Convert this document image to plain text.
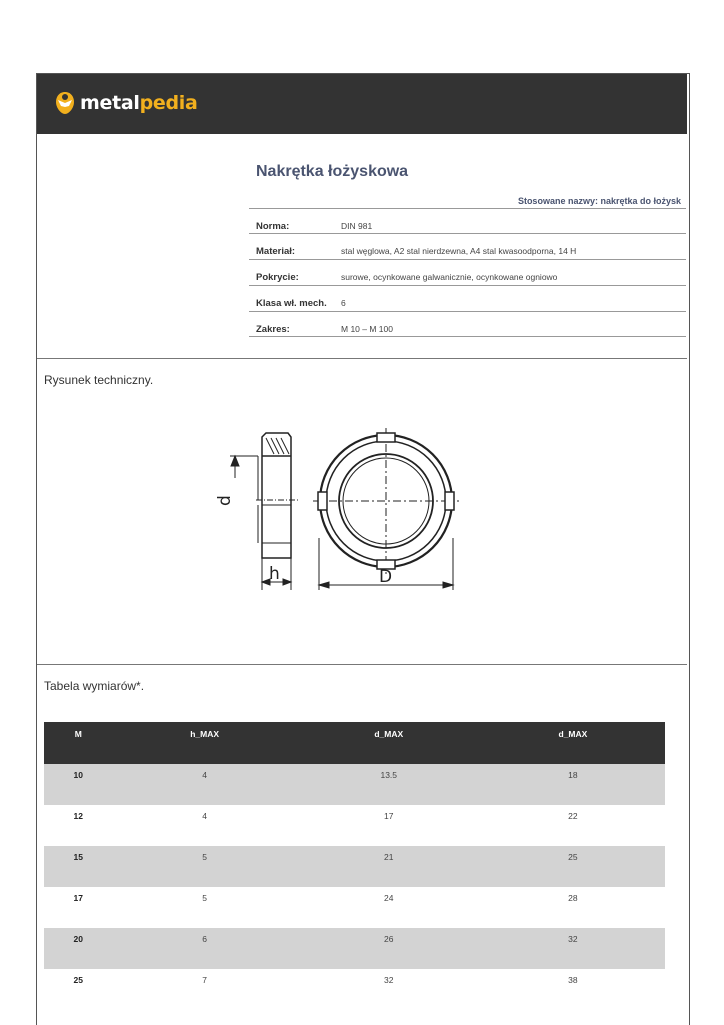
metalpedia
Nakrętka łożyskowa
Stosowane nazwy: nakrętka do łożysk
Norma:	DIN 981
Materiał:	stal węglowa, A2 stal nierdzewna, A4 stal kwasoodporna, 14 H
Pokrycie:	surowe, ocynkowane galwanicznie, ocynkowane ogniowo
Klasa wł. mech. 6
Zakres:	M 10 – M 100
Rysunek techniczny.
d
h	D
Tabela wymiarów*.
M	h_MAX	d_MAX	d_MAX
10	4	13.5	18
12	4	17	22
15	5	21	25
17	5	24	28
20	6	26	32
25	7	32	38
